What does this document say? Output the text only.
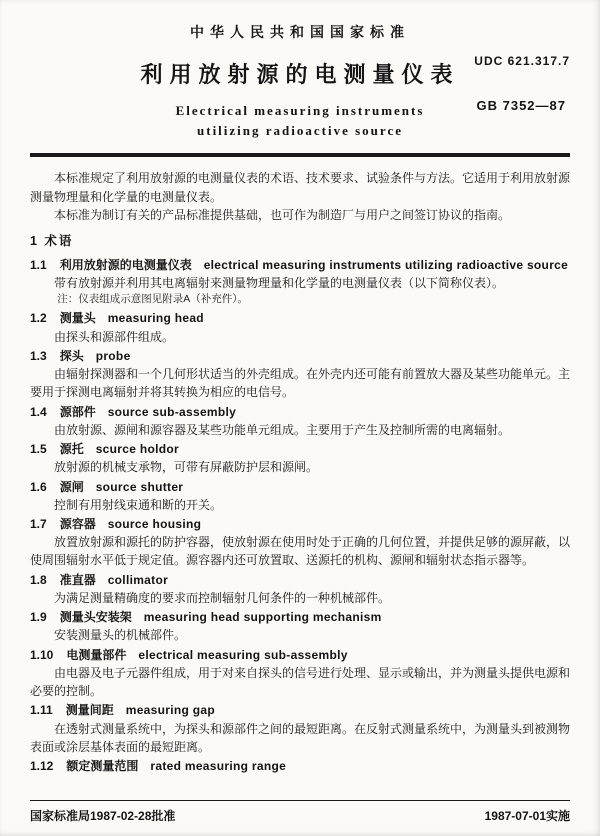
中华人民共和国国家标准
UDC 621.317.7
利用放射源的电测量仪表
GB 7352—87
Electrical measuring instruments
utilizing radioactive source

本标准规定了利用放射源的电测量仪表的术语、技术要求、试验条件与方法。它适用于利用放射源测量物理量和化学量的电测量仪表。

本标准为制订有关的产品标准提供基础，也可作为制造厂与用户之间签订协议的指南。

1 术语
1.1 利用放射源的电测量仪表 electrical measuring instruments utilizing radioactive source

带有放射源并利用其电离辐射来测量物理量和化学量的电测量仪表（以下简称仪表）。

注：仪表组成示意图见附录A（补充件）。

1.2 测量头 measuring head

由探头和源部件组成。

1.3 探头 probe

由辐射探测器和一个几何形状适当的外壳组成。在外壳内还可能有前置放大器及某些功能单元。主要用于探测电离辐射并将其转换为相应的电信号。

1.4 源部件 source sub-assembly

由放射源、源闸和源容器及某些功能单元组成。主要用于产生及控制所需的电离辐射。

1.5 源托 scurce holdor

放射源的机械支承物，可带有屏蔽防护层和源闸。

1.6 源闸 source shutter

控制有用射线束通和断的开关。

1.7 源容器 source housing

放置放射源和源托的防护容器，使放射源在使用时处于正确的几何位置，并提供足够的源屏蔽，以使周围辐射水平低于规定值。源容器内还可放置取、送源托的机构、源闸和辐射状态指示器等。

1.8 准直器 collimator

为满足测量精确度的要求而控制辐射几何条件的一种机械部件。

1.9 测量头安装架 measuring head supporting mechanism

安装测量头的机械部件。

1.10 电测量部件 electrical measuring sub-assembly

由电器及电子元器件组成，用于对来自探头的信号进行处理、显示或输出，并为测量头提供电源和必要的控制。

1.11 测量间距 measuring gap

在透射式测量系统中，为探头和源部件之间的最短距离。在反射式测量系统中，为测量头到被测物表面或涂层基体表面的最短距离。

1.12 额定测量范围 rated measuring range
国家标准局1987-02-28批准	1987-07-01实施
